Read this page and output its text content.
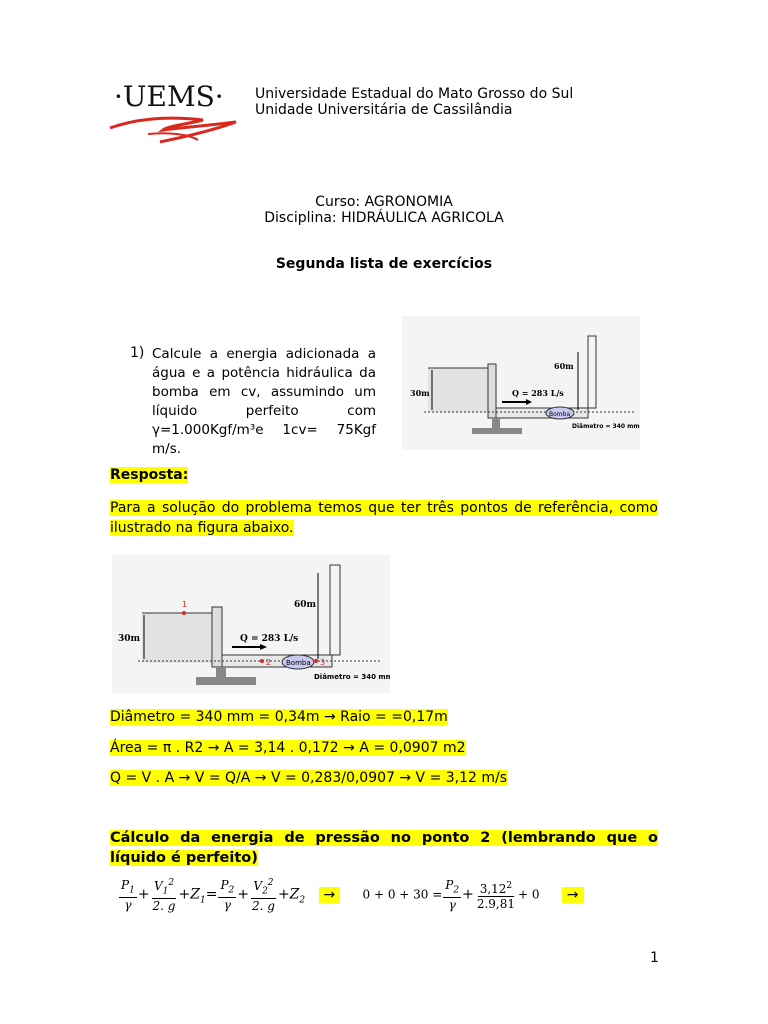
·UEMS· Universidade Estadual do Mato Grosso do Sul
Unidade Universitária de Cassilândia
Curso: AGRONOMIA
Disciplina: HIDRÁULICA AGRICOLA
Segunda lista de exercícios
1) Calcule a energia adicionada a água e a potência hidráulica da bomba em cv, assumindo um líquido perfeito com γ=1.000Kgf/m³e 1cv= 75Kgf m/s.
30m
60m
Q = 283 L/s
Bomba
Diâmetro = 340 mm
Resposta:
Para a solução do problema temos que ter três pontos de referência, como ilustrado na figura abaixo.
1
2	3
30m
60m
Q = 283 L/s
Bomba
Diâmetro = 340 mm
Diâmetro = 340 mm = 0,34m → Raio = =0,17m
Área = π . R2 → A = 3,14 . 0,172 → A = 0,0907 m2
Q = V . A → V = Q/A → V = 0,283/0,0907 → V = 3,12 m/s
Cálculo da energia de pressão no ponto 2 (lembrando que o líquido é perfeito)
$\frac{P_1}{\gamma} + \frac{V_1^2}{2. g} +Z_1= \frac{P_2}{\gamma} + \frac{V_2^2}{2. g} +Z_2 \to 0 + 0 + 30 = \frac{P_2}{\gamma} + \frac{3,12^2}{2.9,81} + 0$ →
1
